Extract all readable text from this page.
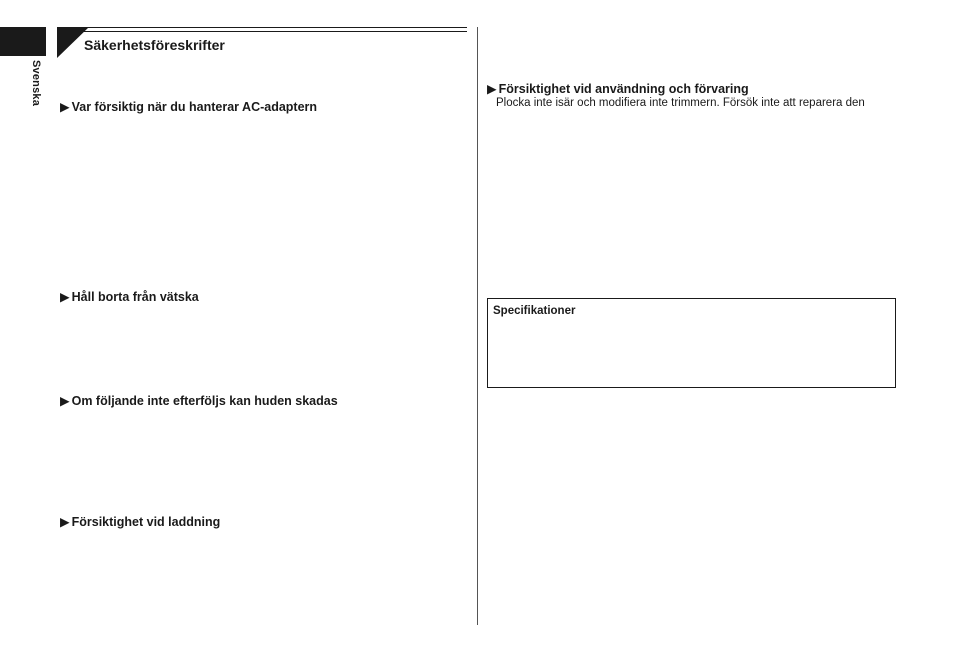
Svenska
Säkerhetsföreskrifter
▶ Var försiktig när du hanterar AC-adaptern
▶ Håll borta från vätska
▶ Om följande inte efterföljs kan huden skadas
▶ Försiktighet vid laddning
▶ Försiktighet vid användning och förvaring
Plocka inte isär och modifiera inte trimmern. Försök inte att reparera den
Specifikationer
